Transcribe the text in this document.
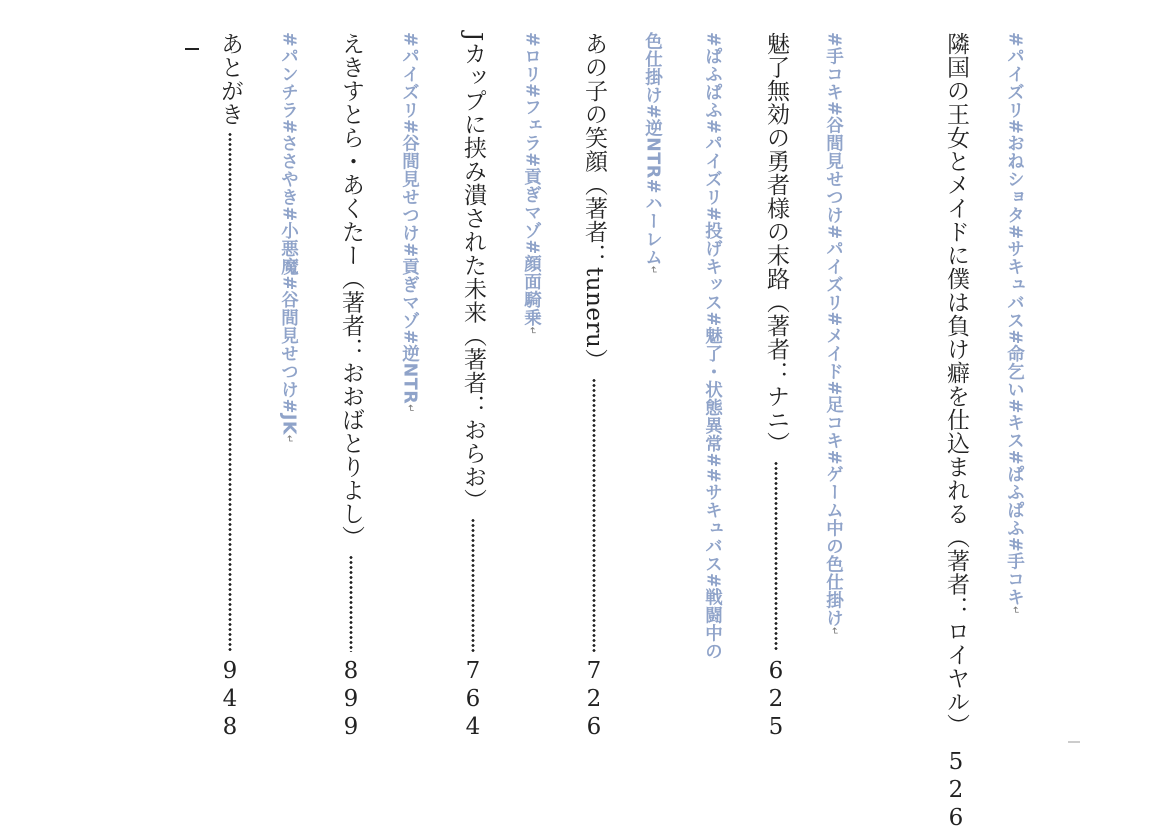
#パイズリ#おねショタ#サキュバス#命乞い#キス#ぱふぱふ#手コキ↵
隣国の王女とメイドに僕は負け癖を仕込まれる（著者：ロイヤル）
526
#手コキ#谷間見せつけ#パイズリ#メイド#足コキ#ゲーム中の色仕掛け↵
魅了無効の勇者様の末路（著者：ナニ）
625
#ぱふぱふ#パイズリ#投げキッス#魅了・状態異常##サキュバス#戦闘中の
色仕掛け#逆NTR#ハーレム↵
あの子の笑顔（著者：tuneru）
726
#ロリ#フェラ#貢ぎマゾ#顔面騎乗↵
Jカップに挟み潰された未来（著者：おらお）
764
#パイズリ#谷間見せつけ#貢ぎマゾ#逆NTR↵
えきすとら・あくたー（著者：おおばとりよし）
899
#パンチラ#ささやき#小悪魔#谷間見せつけ#JK↵
あとがき
948
